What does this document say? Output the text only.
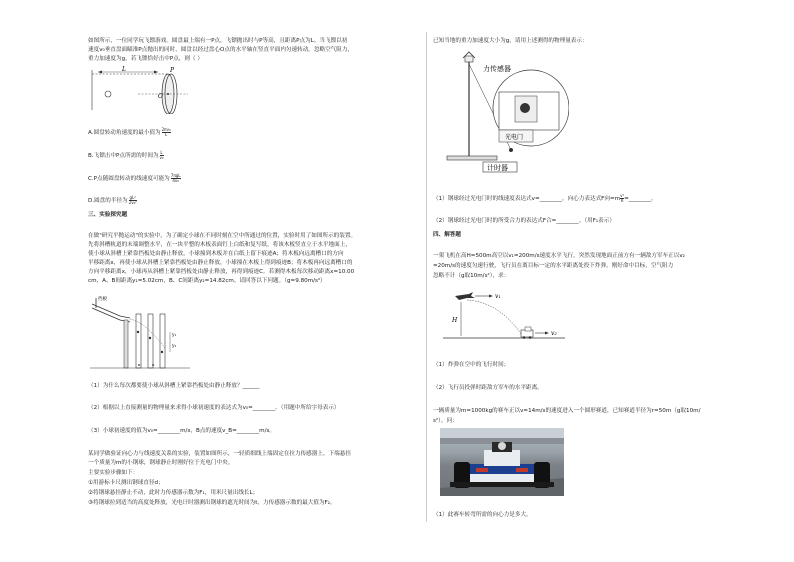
如图所示，一位同学玩飞镖游戏。圆盘最上端有一P点，飞镖抛出时与P等高，且距离P点为L。当飞镖以初
速度v₀垂直盘面瞄准P点抛出的同时，圆盘以经过盘心O点的水平轴在竖直平面内匀速转动。忽略空气阻力，
重力加速度为g，若飞镖恰好击中P点，则（ ）
L	P
O
A.圆盘转动角速度的最小值为 $\frac{\text{2πv₀}}{L}$
B.飞镖击中P点所需的时间为 $\frac{L}{\text{v₀}}$
C.P点随圆盘转动的线速度可能为
7πgL
4v₀
D.圆盘的半径为 $\frac{\text{gL²}}{\text{2v₀²}}$
三、实验探究题
在做"研究平抛运动"的实验中，为了确定小球在不同时刻在空中所通过的位置，实验时用了如图所示的装置。
先将斜槽轨道的末端调整水平，在一块平整的木板表面钉上白纸和复写纸。将该木板竖直立于水平地面上，
使小球从斜槽上紧靠挡板处由静止释放，小球撞到木板并在白纸上留下痕迹A；将木板向远离槽口的方向
平移距离x，再使小球从斜槽上紧靠挡板处由静止释放，小球撞在木板上得到痕迹B；将木板再向远离槽口的
方向平移距离x，小球再从斜槽上紧靠挡板处由静止释放，再得到痕迹C。若测得木板每次移动距离x=10.00
cm，A、B间距离y₁=5.02cm，B、C间距离y₂=14.82cm。请回答以下问题。（g=9.80m/s²）
y₁
y₂
x	x
挡板
（1）为什么每次都要使小球从斜槽上紧靠挡板处由静止释放？______
（2）根据以上直接测量的物理量来求得小球初速度的表达式为v₀=________。（用题中所给字母表示）
（3）小球初速度的值为v₀=________m/s，B点的速度v_B=________m/s。
某同学做验证向心力与线速度关系的实验，装置如图所示，一轻质细线上端固定在拉力传感器上，下端悬挂
一个质量为m的小钢球，钢球静止时刚好位于光电门中央。
主要实验步骤如下：
①用游标卡尺测出钢球直径d；
②将钢球悬挂静止不动，此时力传感器示数为F₁，用米尺量出线长L；
③将钢球拉到适当的高度处释放，光电计时器测出钢球的遮光时间为t，力传感器示数的最大值为F₂。
已知当地的重力加速度大小为g，请用上述测得的物理量表示：
力传感器
光电门
计时器
（1）钢球经过光电门时的线速度表达式v=________，向心力表达式F向$=m \frac{\text{v²}}{R}$ =________。
（2）钢球经过光电门时的所受合力的表达式F合=________。（用F₁表示）
四、解答题
一架飞机在高H=500m高空以v₁=200m/s速度水平飞行，突然发现地面正前方有一辆敌方军车正以v₂
=20m/s的速度匀速行驶，飞行员在离目标一定的水平距离处投下炸弹，刚好命中目标，空气阻力
忽略不计（g取10m/s²），求：
v₁
v₂
H
（1）炸弹在空中的飞行时间；
（2）飞行员投弹时距敌方军车的水平距离。
一辆质量为m=1000kg的赛车正以v=14m/s的速度进入一个圆形赛道，已知赛道半径为r=50m（g取10m/
s²），问：
（1）此赛车转弯所需的向心力是多大。
